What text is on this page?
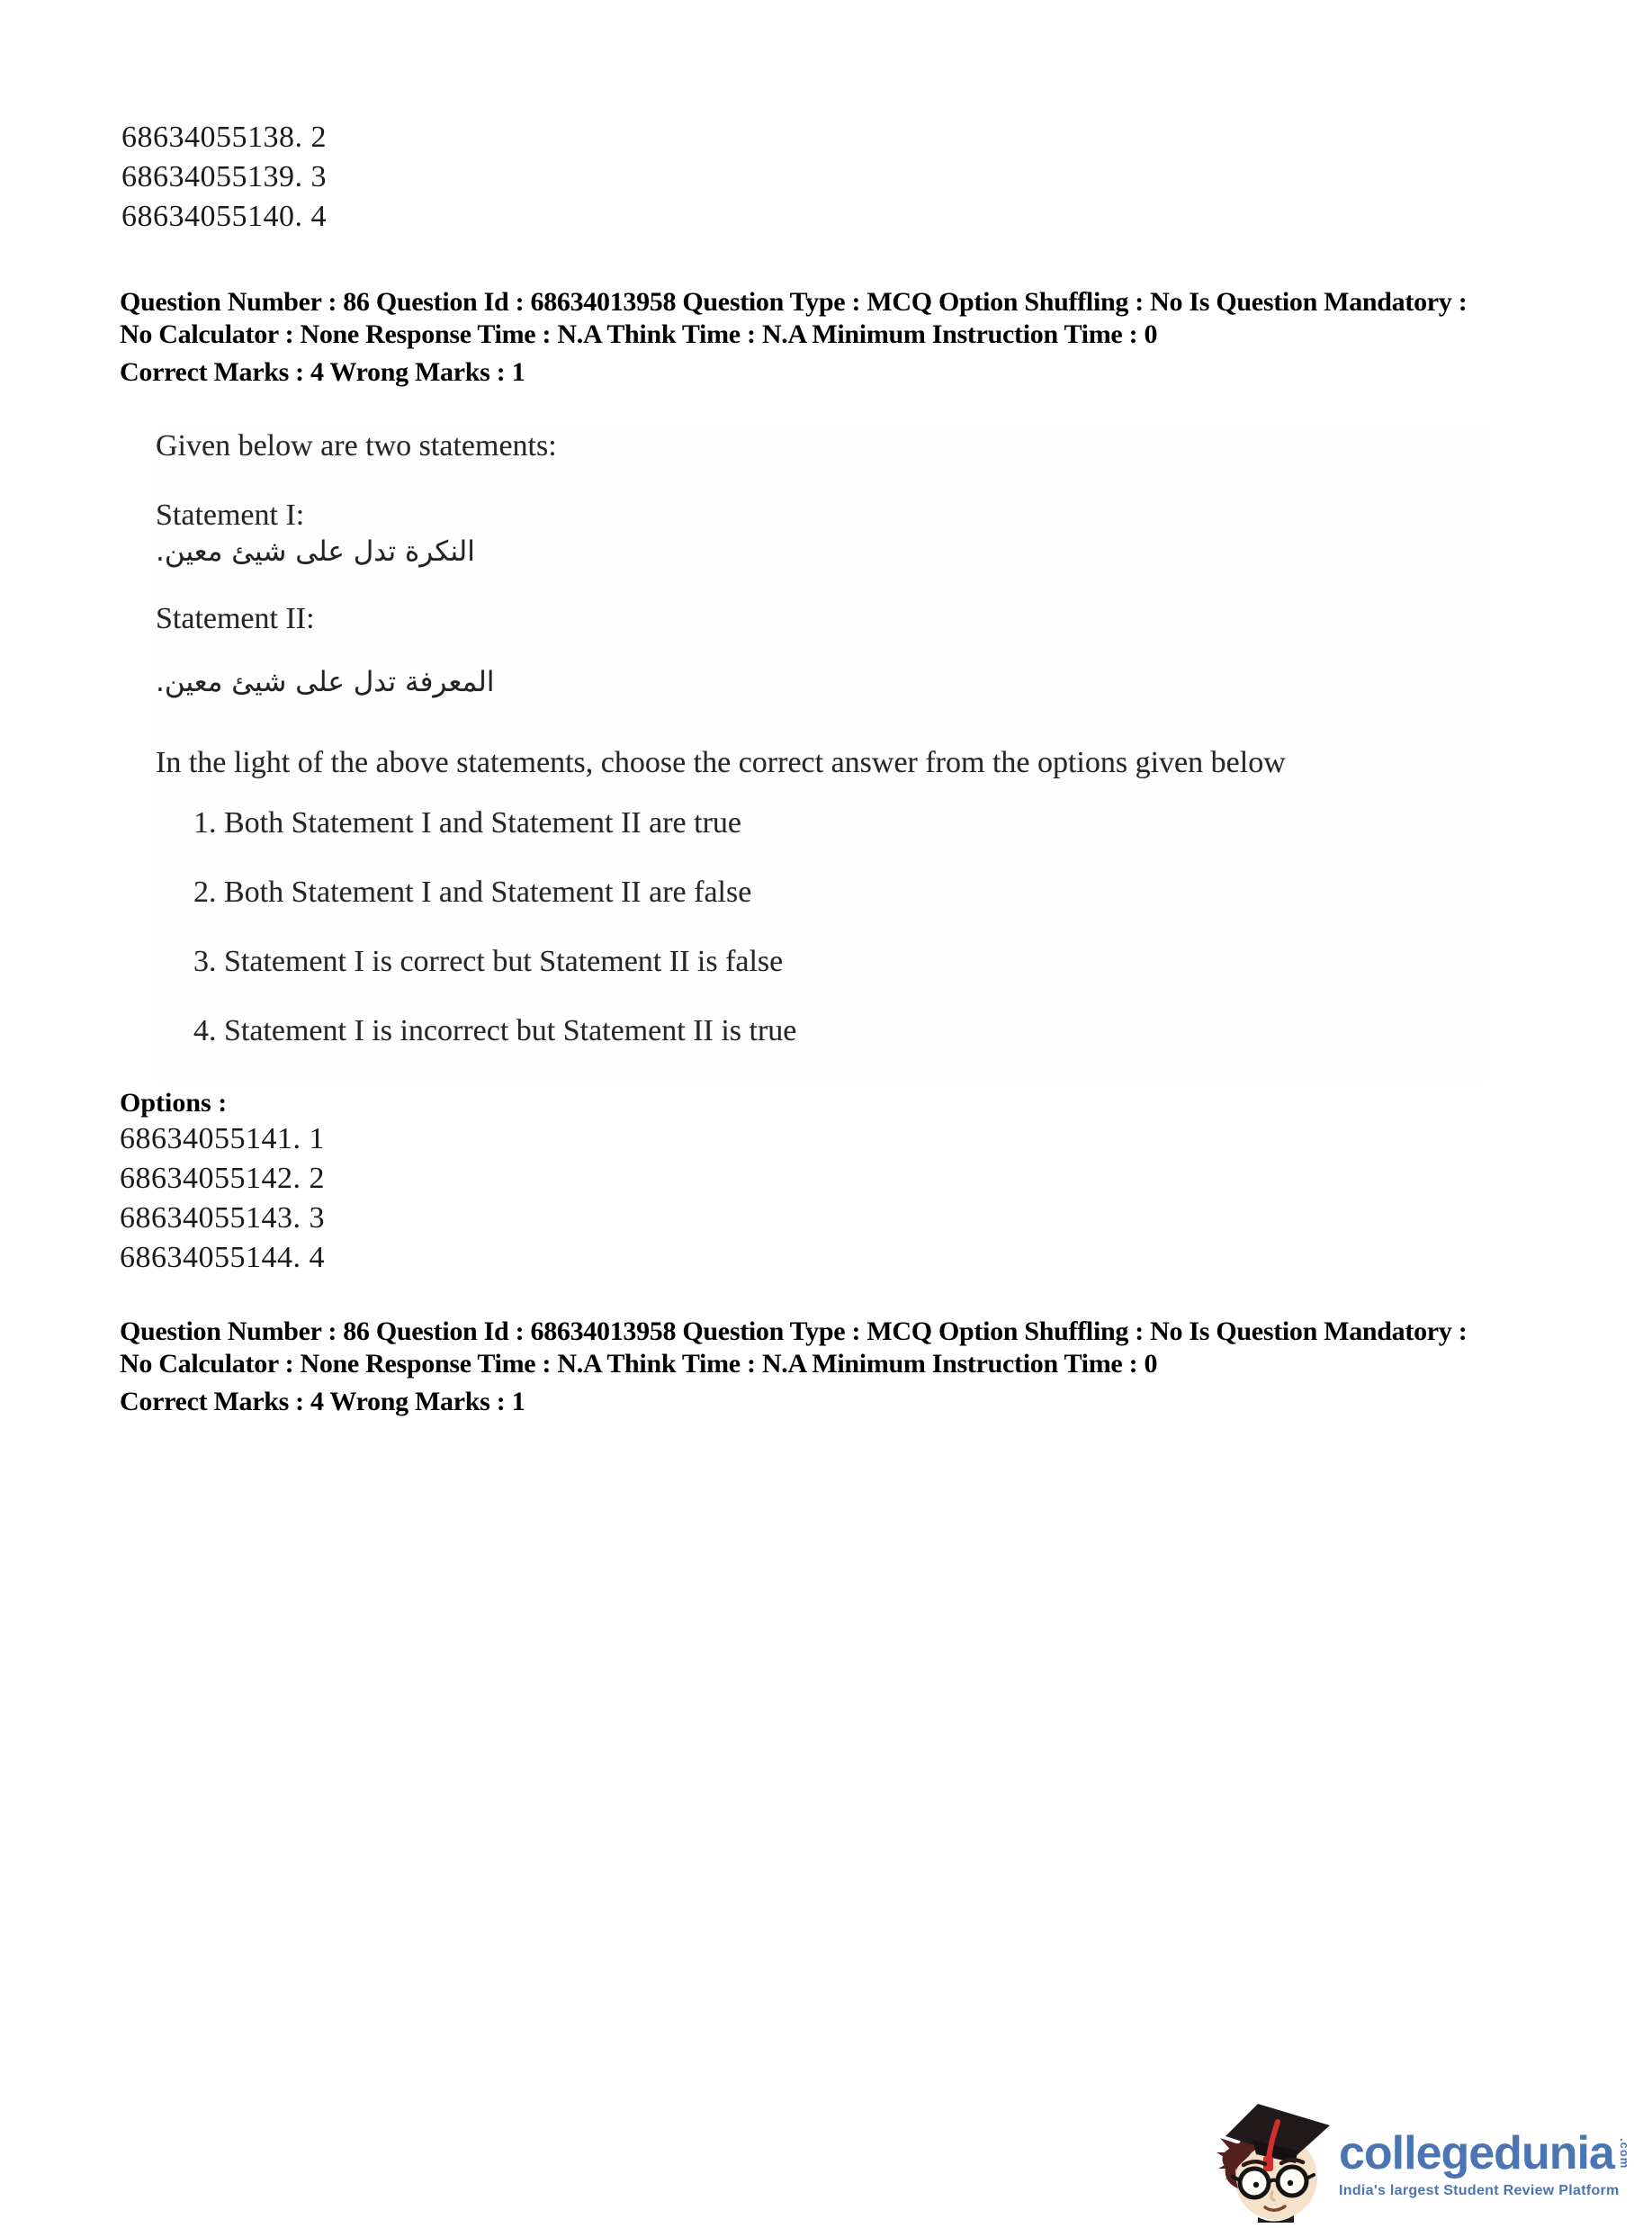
68634055138. 2
68634055139. 3
68634055140. 4
Question Number : 86 Question Id : 68634013958 Question Type : MCQ Option Shuffling : No Is Question Mandatory :
No Calculator : None Response Time : N.A Think Time : N.A Minimum Instruction Time : 0
Correct Marks : 4 Wrong Marks : 1
Given below are two statements:
Statement I:
النكرة تدل على شيئ معين.
Statement II:
المعرفة تدل على شيئ معين.
In the light of the above statements, choose the correct answer from the options given below
1. Both Statement I and Statement II are true
2. Both Statement I and Statement II are false
3. Statement I is correct but Statement II is false
4. Statement I is incorrect but Statement II is true
Options :
68634055141. 1
68634055142. 2
68634055143. 3
68634055144. 4
Question Number : 86 Question Id : 68634013958 Question Type : MCQ Option Shuffling : No Is Question Mandatory :
No Calculator : None Response Time : N.A Think Time : N.A Minimum Instruction Time : 0
Correct Marks : 4 Wrong Marks : 1
collegedunia .com
India's largest Student Review Platform
